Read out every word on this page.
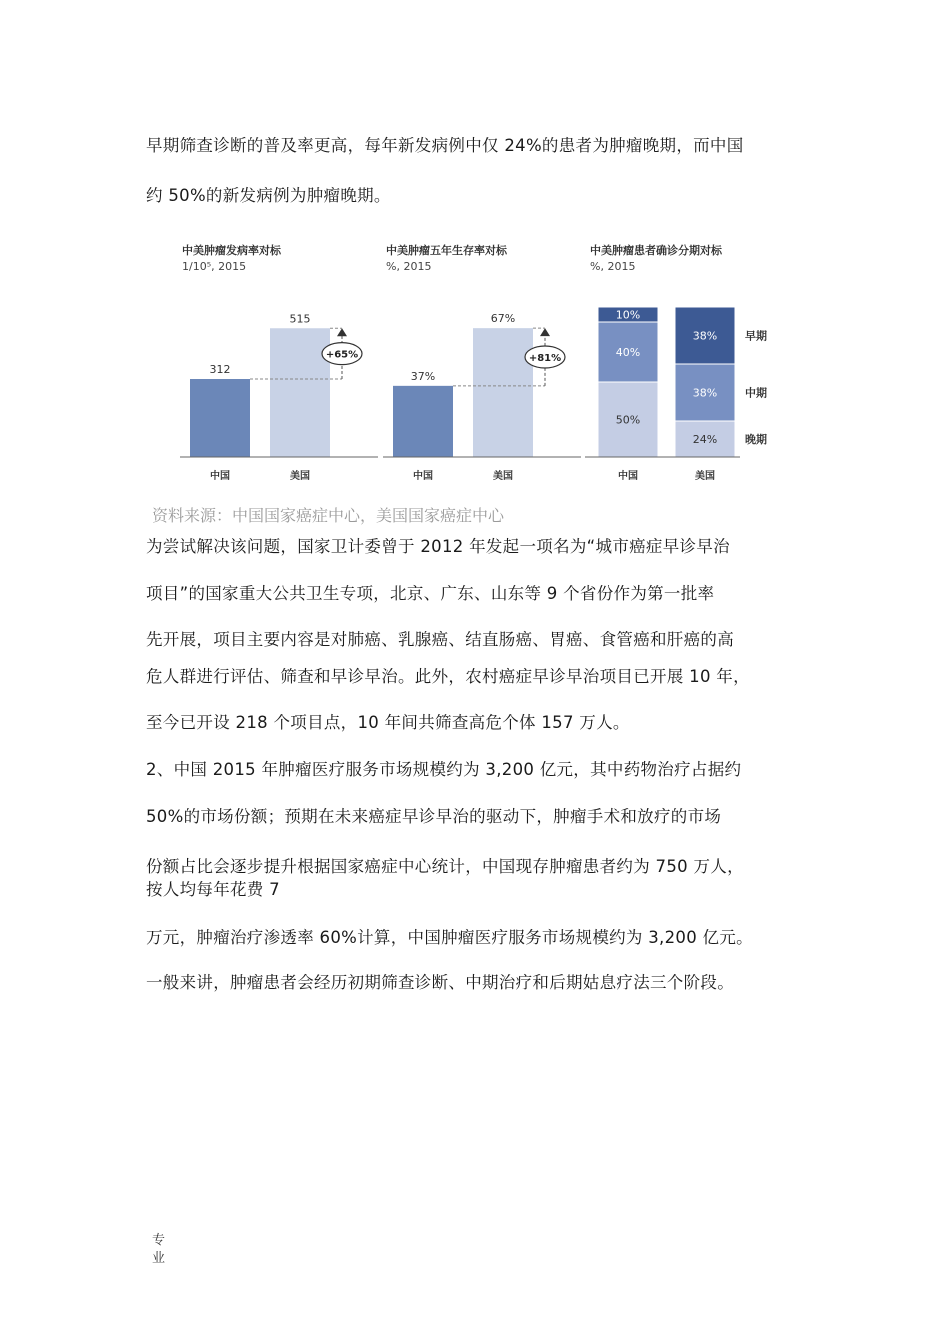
早期筛查诊断的普及率更高，每年新发病例中仅 24%的患者为肿瘤晚期，而中国
约 50%的新发病例为肿瘤晚期。
中美肿瘤发病率对标
1/10⁵, 2015
312
中国
515
美国
+65%
中美肿瘤五年生存率对标
%, 2015
37%
中国
67%
美国
+81%
中美肿瘤患者确诊分期对标
%, 2015
50%
40%
10%
中国
24%
38%
38%
美国
晚期
中期
早期
资料来源：中国国家癌症中心，美国国家癌症中心
为尝试解决该问题，国家卫计委曾于 2012 年发起一项名为“城市癌症早诊早治
项目”的国家重大公共卫生专项，北京、广东、山东等 9 个省份作为第一批率
先开展，项目主要内容是对肺癌、乳腺癌、结直肠癌、胃癌、食管癌和肝癌的高
危人群进行评估、筛查和早诊早治。此外，农村癌症早诊早治项目已开展 10 年，
至今已开设 218 个项目点，10 年间共筛查高危个体 157 万人。
2、中国 2015 年肿瘤医疗服务市场规模约为 3,200 亿元，其中药物治疗占据约
50%的市场份额；预期在未来癌症早诊早治的驱动下，肿瘤手术和放疗的市场
份额占比会逐步提升根据国家癌症中心统计，中国现存肿瘤患者约为 750 万人，
按人均每年花费 7
万元，肿瘤治疗渗透率 60%计算，中国肿瘤医疗服务市场规模约为 3,200 亿元。
一般来讲，肿瘤患者会经历初期筛查诊断、中期治疗和后期姑息疗法三个阶段。
专
业
